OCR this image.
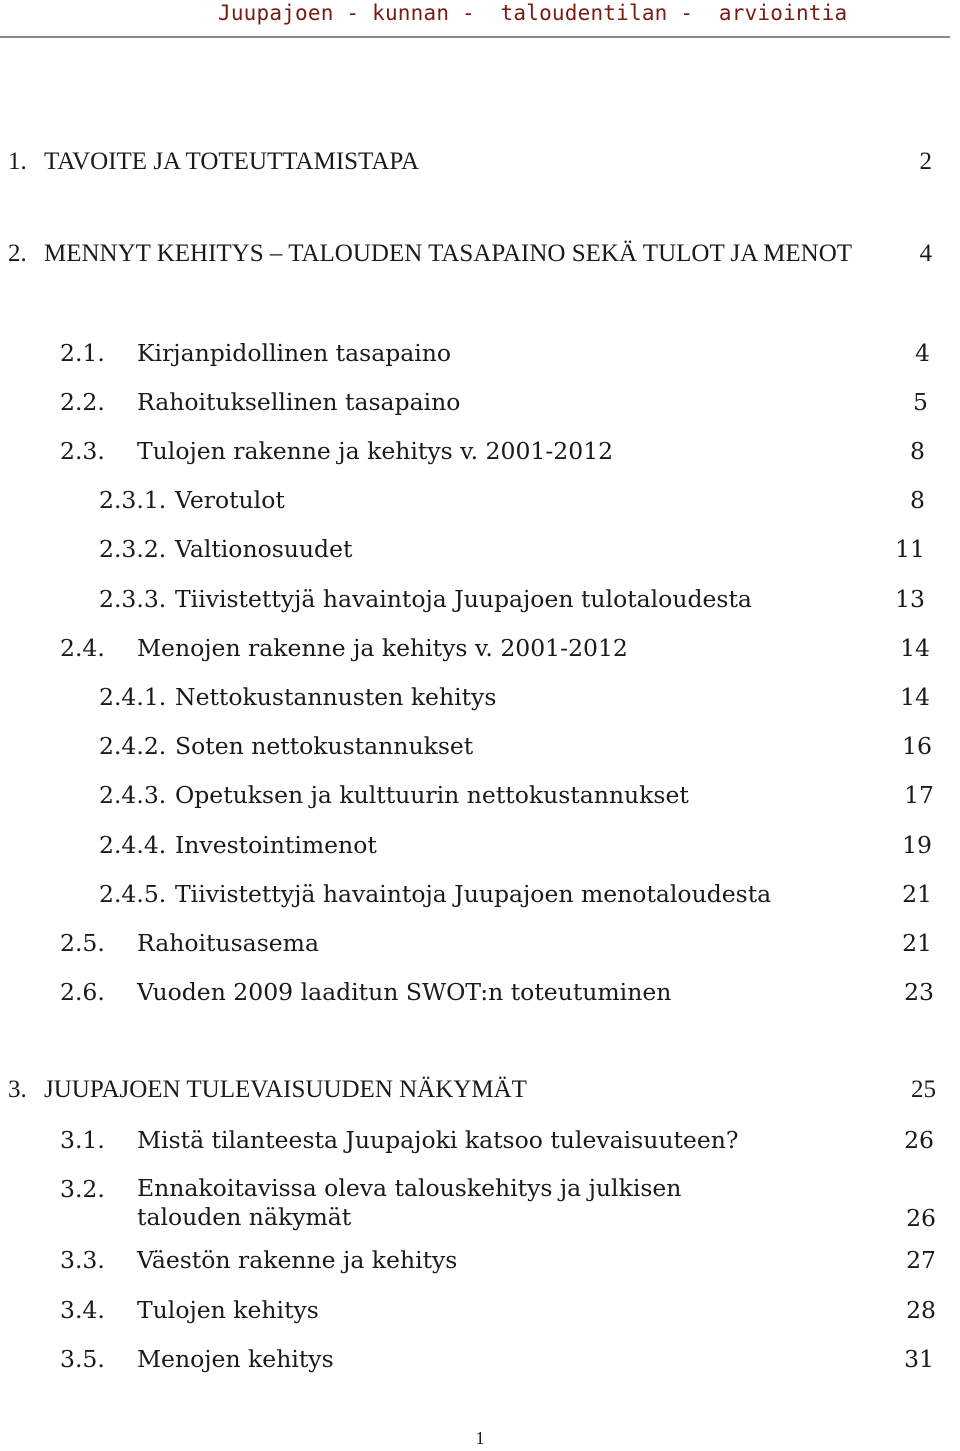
Juupajoen - kunnan -  taloudentilan -  arviointia
1. TAVOITE JA TOTEUTTAMISTAPA	2
2. MENNYT KEHITYS – TALOUDEN TASAPAINO SEKÄ TULOT JA MENOT	4
2.1. Kirjanpidollinen tasapaino	4
2.2. Rahoituksellinen tasapaino	5
2.3. Tulojen rakenne ja kehitys v. 2001-2012	8
2.3.1. Verotulot	8
2.3.2. Valtionosuudet	11
2.3.3. Tiivistettyjä havaintoja Juupajoen tulotaloudesta	13
2.4. Menojen rakenne ja kehitys v. 2001-2012	14
2.4.1. Nettokustannusten kehitys	14
2.4.2. Soten nettokustannukset	16
2.4.3. Opetuksen ja kulttuurin nettokustannukset	17
2.4.4. Investointimenot	19
2.4.5. Tiivistettyjä havaintoja Juupajoen menotaloudesta	21
2.5. Rahoitusasema	21
2.6. Vuoden 2009 laaditun SWOT:n toteutuminen	23
3. JUUPAJOEN TULEVAISUUDEN NÄKYMÄT	25
3.1. Mistä tilanteesta Juupajoki katsoo tulevaisuuteen?	26
3.2. Ennakoitavissa oleva talouskehitys ja julkisen
talouden näkymät	26
3.3. Väestön rakenne ja kehitys	27
3.4. Tulojen kehitys	28
3.5. Menojen kehitys	31
1
